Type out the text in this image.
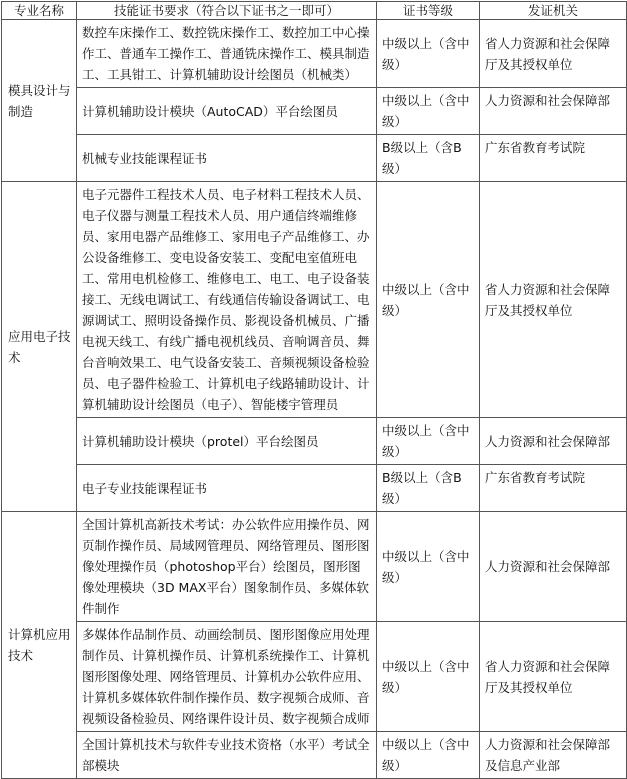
专业名称	技能证书要求（符合以下证书之一即可）	证书等级	发证机关
模具设计与制造	数控车床操作工、数控铣床操作工、数控加工中心操作工、普通车工操作工、普通铣床操作工、模具制造工、工具钳工、计算机辅助设计绘图员（机械类）	中级以上（含中级）	省人力资源和社会保障厅及其授权单位
	计算机辅助设计模块（AutoCAD）平台绘图员	中级以上（含中级）	人力资源和社会保障部
	机械专业技能课程证书	B级以上（含B级）	广东省教育考试院
应用电子技术	电子元器件工程技术人员、电子材料工程技术人员、电子仪器与测量工程技术人员、用户通信终端维修员、家用电器产品维修工、家用电子产品维修工、办公设备维修工、变电设备安装工、变配电室值班电工、常用电机检修工、维修电工、电工、电子设备装接工、无线电调试工、有线通信传输设备调试工、电源调试工、照明设备操作员、影视设备机械员、广播电视天线工、有线广播电视机线员、音响调音员、舞台音响效果工、电气设备安装工、音频视频设备检验员、电子器件检验工、计算机电子线路辅助设计、计算机辅助设计绘图员（电子）、智能楼宇管理员	中级以上（含中级）	省人力资源和社会保障厅及其授权单位
	计算机辅助设计模块（protel）平台绘图员	中级以上（含中级）	人力资源和社会保障部
	电子专业技能课程证书	B级以上（含B级）	广东省教育考试院
计算机应用技术	全国计算机高新技术考试：办公软件应用操作员、网页制作操作员、局域网管理员、网络管理员、图形图像处理操作员（photoshop平台）绘图员，图形图像处理模块（3D MAX平台）图象制作员、多媒体软件制作	中级以上（含中级）	人力资源和社会保障部
	多媒体作品制作员、动画绘制员、图形图像应用处理制作员、计算机操作员、计算机系统操作工、计算机图形图像处理、网络管理员、计算机办公软件应用、计算机多媒体软件制作操作员、数字视频合成师、音视频设备检验员、网络课件设计员、数字视频合成师	中级以上（含中级）	省人力资源和社会保障厅及其授权单位
	全国计算机技术与软件专业技术资格（水平）考试全部模块	中级以上（含中级）	人力资源和社会保障部及信息产业部
